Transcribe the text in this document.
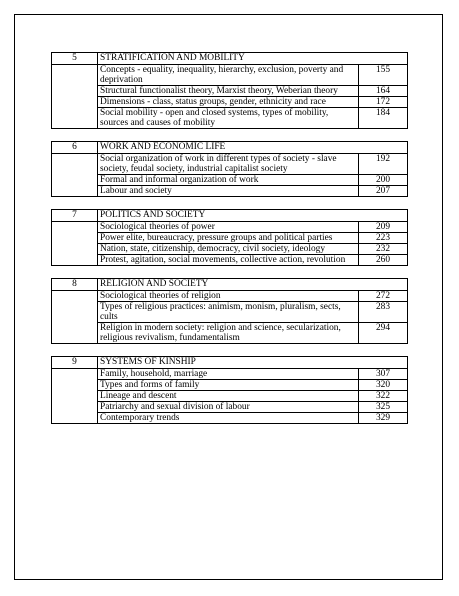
5	STRATIFICATION AND MOBILITY	
	Concepts - equality, inequality, hierarchy, exclusion, poverty and deprivation	155
	Structural functionalist theory, Marxist theory, Weberian theory	164
	Dimensions - class, status groups, gender, ethnicity and race	172
	Social mobility - open and closed systems, types of mobility, sources and causes of mobility	184
6	WORK AND ECONOMIC LIFE	
	Social organization of work in different types of society - slave society, feudal society, industrial capitalist society	192
	Formal and informal organization of work	200
	Labour and society	207
7	POLITICS AND SOCIETY	
	Sociological theories of power	209
	Power elite, bureaucracy, pressure groups and political parties	223
	Nation, state, citizenship, democracy, civil society, ideology	232
	Protest, agitation, social movements, collective action, revolution	260
8	RELIGION AND SOCIETY	
	Sociological theories of religion	272
	Types of religious practices: animism, monism, pluralism, sects, cults	283
	Religion in modern society: religion and science, secularization, religious revivalism, fundamentalism	294
9	SYSTEMS OF KINSHIP	
	Family, household, marriage	307
	Types and forms of family	320
	Lineage and descent	322
	Patriarchy and sexual division of labour	325
	Contemporary trends	329
